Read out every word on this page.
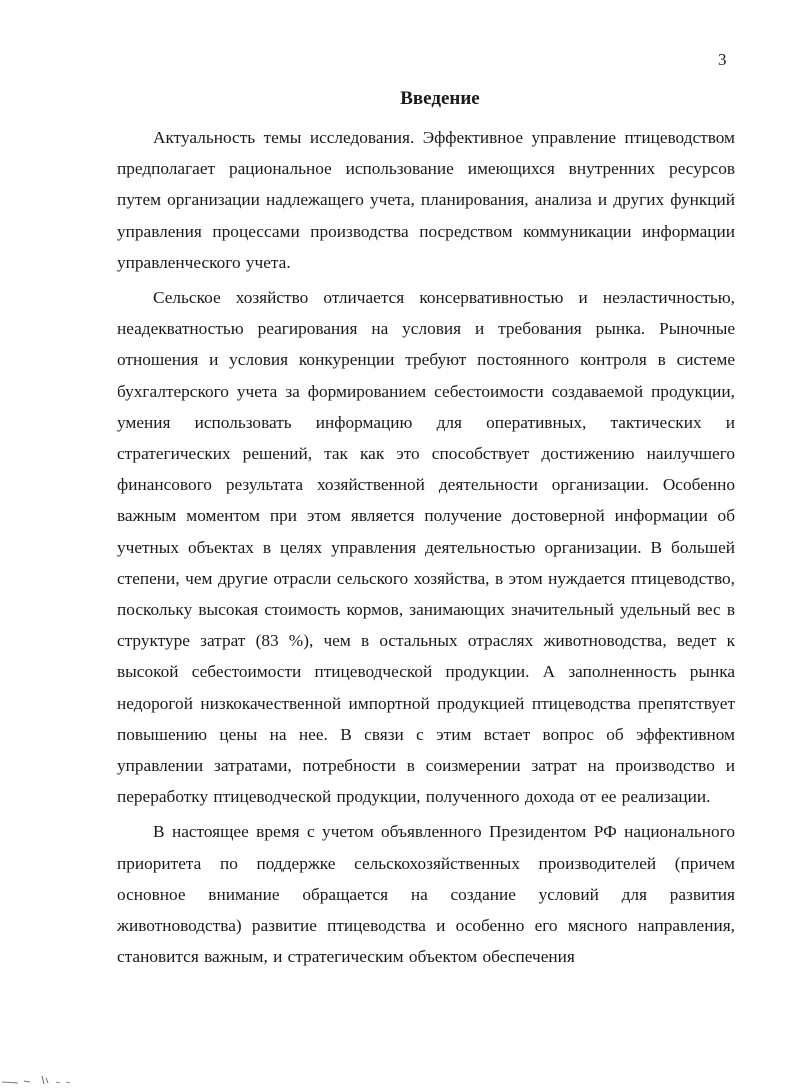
3
Введение

Актуальность темы исследования. Эффективное управление птицеводством предполагает рациональное использование имеющихся внутренних ресурсов путем организации надлежащего учета, планирования, анализа и других функций управления процессами производства посредством коммуникации информации управленческого учета.

Сельское хозяйство отличается консервативностью и неэластичностью, неадекватностью реагирования на условия и требования рынка. Рыночные отношения и условия конкуренции требуют постоянного контроля в системе бухгалтерского учета за формированием себестоимости создаваемой продукции, умения использовать информацию для оперативных, тактических и стратегических решений, так как это способствует достижению наилучшего финансового результата хозяйственной деятельности организации. Особенно важным моментом при этом является получение достоверной информации об учетных объектах в целях управления деятельностью организации. В большей степени, чем другие отрасли сельского хозяйства, в этом нуждается птицеводство, поскольку высокая стоимость кормов, занимающих значительный удельный вес в структуре затрат (83 %), чем в остальных отраслях животноводства, ведет к высокой себестоимости птицеводческой продукции. А заполненность рынка недорогой низкокачественной импортной продукцией птицеводства препятствует повышению цены на нее. В связи с этим встает вопрос об эффективном управлении затратами, потребности в соизмерении затрат на производство и переработку птицеводческой продукции, полученного дохода от ее реализации.

В настоящее время с учетом объявленного Президентом РФ национального приоритета по поддержке сельскохозяйственных производителей (причем основное внимание обращается на создание условий для развития животноводства) развитие птицеводства и особенно его мясного направления, становится важным, и стратегическим объектом обеспечения
